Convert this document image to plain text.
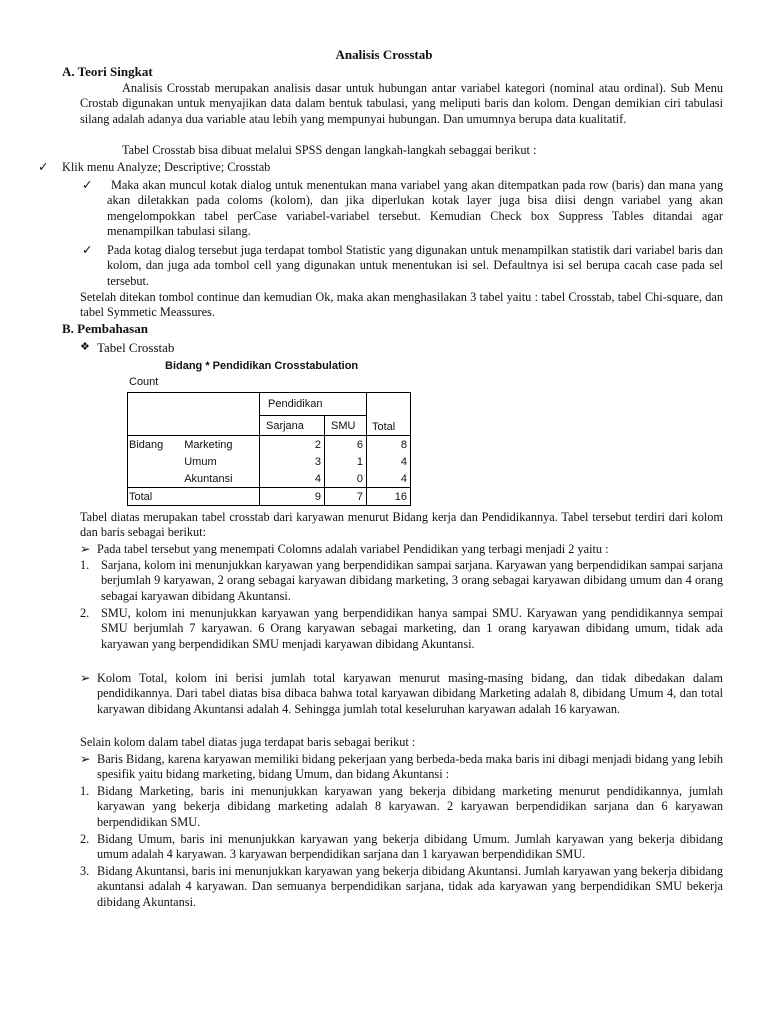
Analisis Crosstab
A. Teori Singkat
Analisis Crosstab merupakan analisis dasar untuk hubungan antar variabel kategori (nominal atau ordinal). Sub Menu Crostab digunakan untuk menyajikan data dalam bentuk tabulasi, yang meliputi baris dan kolom. Dengan demikian ciri tabulasi silang adalah adanya dua variable atau lebih yang mempunyai hubungan. Dan umumnya berupa data kualitatif.
Tabel Crosstab bisa dibuat melalui SPSS dengan langkah-langkah sebaggai berikut :
✓ Klik menu Analyze; Descriptive; Crosstab
✓	Maka akan muncul kotak dialog untuk menentukan mana variabel yang akan ditempatkan pada row (baris) dan mana yang akan diletakkan pada coloms (kolom), dan jika diperlukan kotak layer juga bisa diisi dengn variabel yang akan mengelompokkan tabel perCase variabel-variabel tersebut. Kemudian Check box Suppress Tables ditandai agar menampilkan tabulasi silang.
✓ Pada kotag dialog tersebut juga terdapat tombol Statistic yang digunakan untuk menampilkan statistik dari variabel baris dan kolom, dan juga ada tombol cell yang digunakan untuk menentukan isi sel. Defaultnya isi sel berupa cacah case pada sel tersebut.
Setelah ditekan tombol continue dan kemudian Ok, maka akan menghasilakan 3 tabel yaitu : tabel Crosstab, tabel Chi-square, dan tabel Symmetic Meassures.
B. Pembahasan
❖ Tabel Crosstab
Bidang * Pendidikan Crosstabulation
Count
		Pendidikan		Total
		Sarjana	SMU	
Bidang	Marketing	2	6	8
	Umum	3	1	4
	Akuntansi	4	0	4
Total		9	7	16
Tabel diatas merupakan tabel crosstab dari karyawan menurut Bidang kerja dan Pendidikannya. Tabel tersebut terdiri dari kolom dan baris sebagai berikut:
➢ Pada tabel tersebut yang menempati Colomns adalah variabel Pendidikan yang terbagi menjadi 2 yaitu :
1. Sarjana, kolom ini menunjukkan karyawan yang berpendidikan sampai sarjana. Karyawan yang berpendidikan sampai sarjana berjumlah 9 karyawan, 2 orang sebagai karyawan dibidang marketing, 3 orang sebagai karyawan dibidang umum dan 4 orang sebagai karyawan dibidang Akuntansi.
2. SMU, kolom ini menunjukkan karyawan yang berpendidikan hanya sampai SMU. Karyawan yang pendidikannya sempai SMU berjumlah 7 karyawan. 6 Orang karyawan sebagai marketing, dan 1 orang karyawan dibidang umum, tidak ada karyawan yang berpendidikan SMU menjadi karyawan dibidang Akuntansi.
➢ Kolom Total, kolom ini berisi jumlah total karyawan menurut masing-masing bidang, dan tidak dibedakan dalam pendidikannya. Dari tabel diatas bisa dibaca bahwa total karyawan dibidang Marketing adalah 8, dibidang Umum 4, dan total karyawan dibidang Akuntansi adalah 4. Sehingga jumlah total keseluruhan karyawan adalah 16 karyawan.
Selain kolom dalam tabel diatas juga terdapat baris sebagai berikut :
➢ Baris Bidang, karena karyawan memiliki bidang pekerjaan yang berbeda-beda maka baris ini dibagi menjadi bidang yang lebih spesifik yaitu bidang marketing, bidang Umum, dan bidang Akuntansi :
1. Bidang Marketing, baris ini menunjukkan karyawan yang bekerja dibidang marketing menurut pendidikannya, jumlah karyawan yang bekerja dibidang marketing adalah 8 karyawan. 2 karyawan berpendidikan sarjana dan 6 karyawan berpendidikan SMU.
2. Bidang Umum, baris ini menunjukkan karyawan yang bekerja dibidang Umum. Jumlah karyawan yang bekerja dibidang umum adalah 4 karyawan. 3 karyawan berpendidikan sarjana dan 1 karyawan berpendidikan SMU.
3. Bidang Akuntansi, baris ini menunjukkan karyawan yang bekerja dibidang Akuntansi. Jumlah karyawan yang bekerja dibidang akuntansi adalah 4 karyawan. Dan semuanya berpendidikan sarjana, tidak ada karyawan yang berpendidikan SMU bekerja dibidang Akuntansi.
